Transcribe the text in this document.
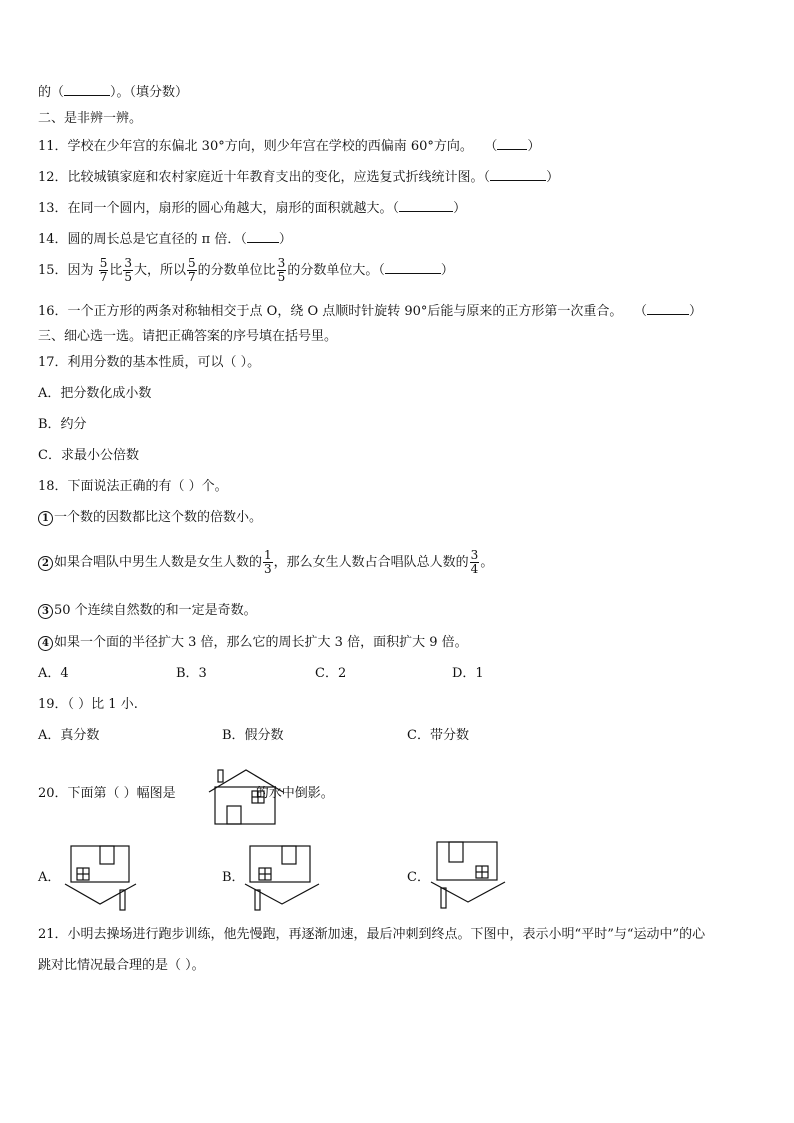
的（	）。（填分数）
二、是非辨一辨。
11．学校在少年宫的东偏北 30°方向，则少年宫在学校的西偏南 60°方向。 （ ）
12．比较城镇家庭和农村家庭近十年教育支出的变化，应选复式折线统计图。（	）
13．在同一个圆内，扇形的圆心角越大，扇形的面积就越大。（	）
14．圆的周长总是它直径的 π 倍．（ ）
15．因为 $\frac{5}{7}$ 比 $\frac{3}{5}$ 大，所以 $\frac{5}{7}$ 的分数单位比 $\frac{3}{5}$ 的分数单位大。（	）
16．一个正方形的两条对称轴相交于点 O，绕 O 点顺时针旋转 90°后能与原来的正方形第一次重合。 （	）
三、细心选一选。请把正确答案的序号填在括号里。
17．利用分数的基本性质，可以（ ）。
A．把分数化成小数
B．约分
C．求最小公倍数
18．下面说法正确的有（ ）个。
1 一个数的因数都比这个数的倍数小。
2 如果合唱队中男生人数是女生人数的 $\frac{1}{3}$ ，那么女生人数占合唱队总人数的 $\frac{3}{4}$ 。
3 50 个连续自然数的和一定是奇数。
4 如果一个面的半径扩大 3 倍，那么它的周长扩大 3 倍，面积扩大 9 倍。
A．4	B．3	C．2	D．1
19．（ ）比 1 小.
A．真分数	B．假分数	C．带分数
20．下面第（ ）幅图是	的水中倒影。
A．	B．	C．
21．小明去操场进行跑步训练，他先慢跑，再逐渐加速，最后冲刺到终点。下图中，表示小明“平时”与“运动中”的心
跳对比情况最合理的是（ ）。
